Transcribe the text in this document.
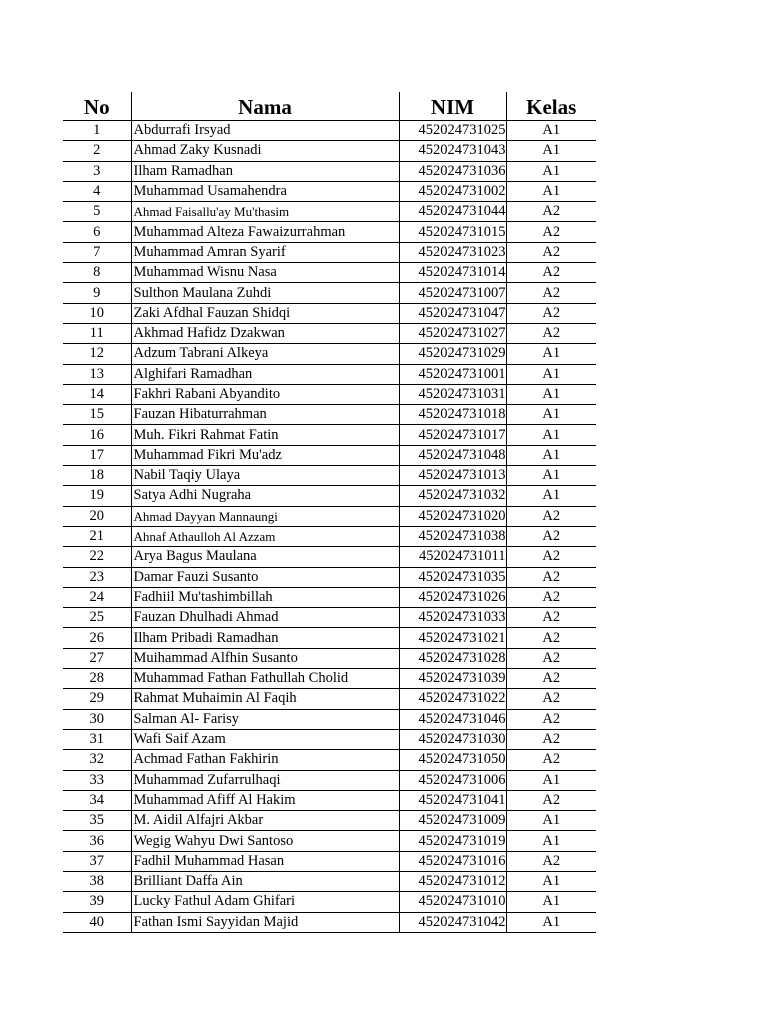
No	Nama	NIM	Kelas
1	Abdurrafi Irsyad	452024731025	A1
2	Ahmad Zaky Kusnadi	452024731043	A1
3	Ilham Ramadhan	452024731036	A1
4	Muhammad Usamahendra	452024731002	A1
5	Ahmad Faisallu'ay Mu'thasim	452024731044	A2
6	Muhammad Alteza Fawaizurrahman	452024731015	A2
7	Muhammad Amran Syarif	452024731023	A2
8	Muhammad Wisnu Nasa	452024731014	A2
9	Sulthon Maulana Zuhdi	452024731007	A2
10	Zaki Afdhal Fauzan Shidqi	452024731047	A2
11	Akhmad Hafidz Dzakwan	452024731027	A2
12	Adzum Tabrani Alkeya	452024731029	A1
13	Alghifari Ramadhan	452024731001	A1
14	Fakhri Rabani Abyandito	452024731031	A1
15	Fauzan Hibaturrahman	452024731018	A1
16	Muh. Fikri Rahmat Fatin	452024731017	A1
17	Muhammad Fikri Mu'adz	452024731048	A1
18	Nabil Taqiy Ulaya	452024731013	A1
19	Satya Adhi Nugraha	452024731032	A1
20	Ahmad Dayyan Mannaungi	452024731020	A2
21	Ahnaf Athaulloh Al Azzam	452024731038	A2
22	Arya Bagus Maulana	452024731011	A2
23	Damar Fauzi Susanto	452024731035	A2
24	Fadhiil Mu'tashimbillah	452024731026	A2
25	Fauzan Dhulhadi Ahmad	452024731033	A2
26	Ilham Pribadi Ramadhan	452024731021	A2
27	Muihammad Alfhin Susanto	452024731028	A2
28	Muhammad Fathan Fathullah Cholid	452024731039	A2
29	Rahmat Muhaimin Al Faqih	452024731022	A2
30	Salman Al- Farisy	452024731046	A2
31	Wafi Saif Azam	452024731030	A2
32	Achmad Fathan Fakhirin	452024731050	A2
33	Muhammad Zufarrulhaqi	452024731006	A1
34	Muhammad Afiff Al Hakim	452024731041	A2
35	M. Aidil Alfajri Akbar	452024731009	A1
36	Wegig Wahyu Dwi Santoso	452024731019	A1
37	Fadhil Muhammad Hasan	452024731016	A2
38	Brilliant Daffa Ain	452024731012	A1
39	Lucky Fathul Adam Ghifari	452024731010	A1
40	Fathan Ismi Sayyidan Majid	452024731042	A1
